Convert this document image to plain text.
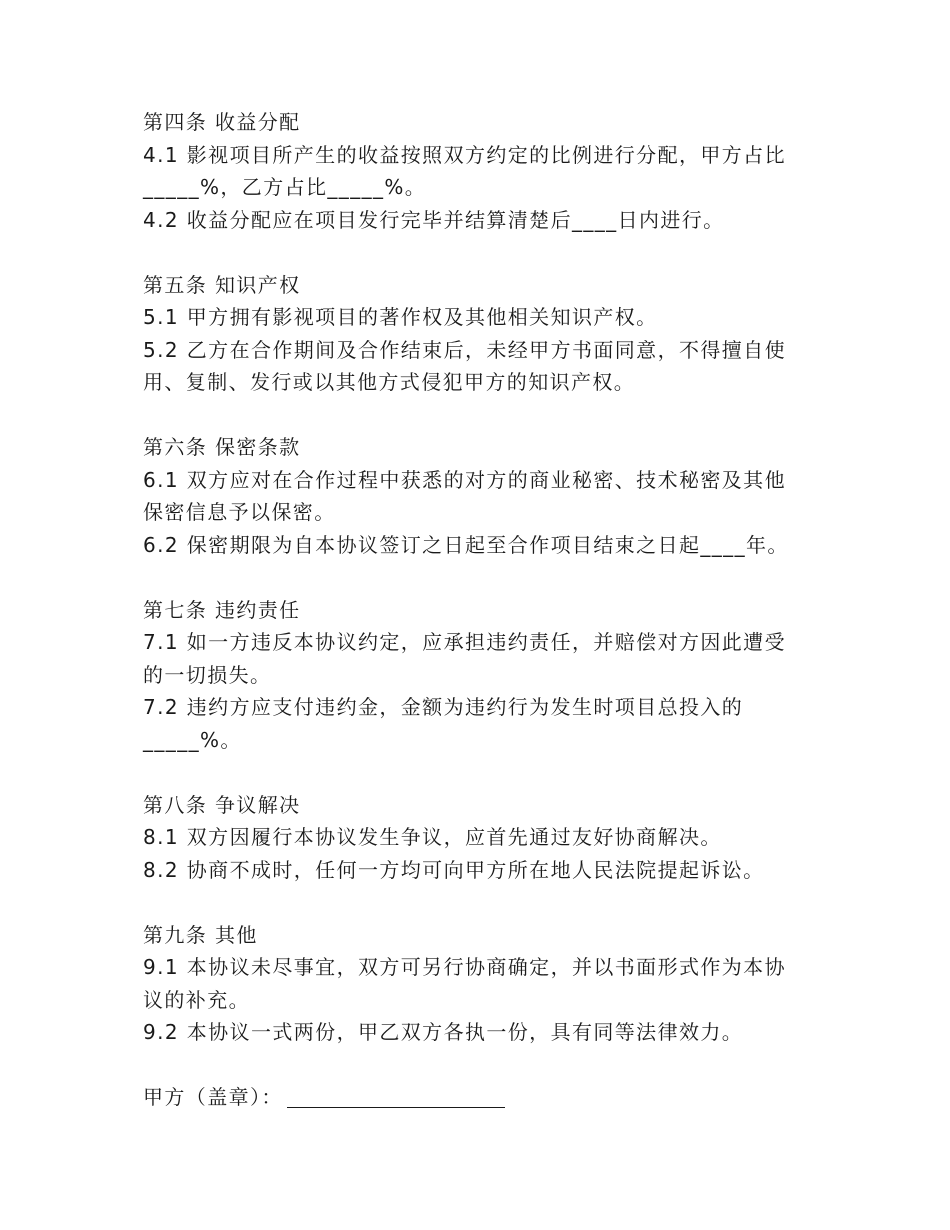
第四条 收益分配
4.1 影视项目所产生的收益按照双方约定的比例进行分配，甲方占比
_____%，乙方占比_____%。
4.2 收益分配应在项目发行完毕并结算清楚后____日内进行。
第五条 知识产权
5.1 甲方拥有影视项目的著作权及其他相关知识产权。
5.2 乙方在合作期间及合作结束后，未经甲方书面同意，不得擅自使
用、复制、发行或以其他方式侵犯甲方的知识产权。
第六条 保密条款
6.1 双方应对在合作过程中获悉的对方的商业秘密、技术秘密及其他
保密信息予以保密。
6.2 保密期限为自本协议签订之日起至合作项目结束之日起____年。
第七条 违约责任
7.1 如一方违反本协议约定，应承担违约责任，并赔偿对方因此遭受
的一切损失。
7.2 违约方应支付违约金，金额为违约行为发生时项目总投入的
_____%。
第八条 争议解决
8.1 双方因履行本协议发生争议，应首先通过友好协商解决。
8.2 协商不成时，任何一方均可向甲方所在地人民法院提起诉讼。
第九条 其他
9.1 本协议未尽事宜，双方可另行协商确定，并以书面形式作为本协
议的补充。
9.2 本协议一式两份，甲乙双方各执一份，具有同等法律效力。
甲方（盖章）：
